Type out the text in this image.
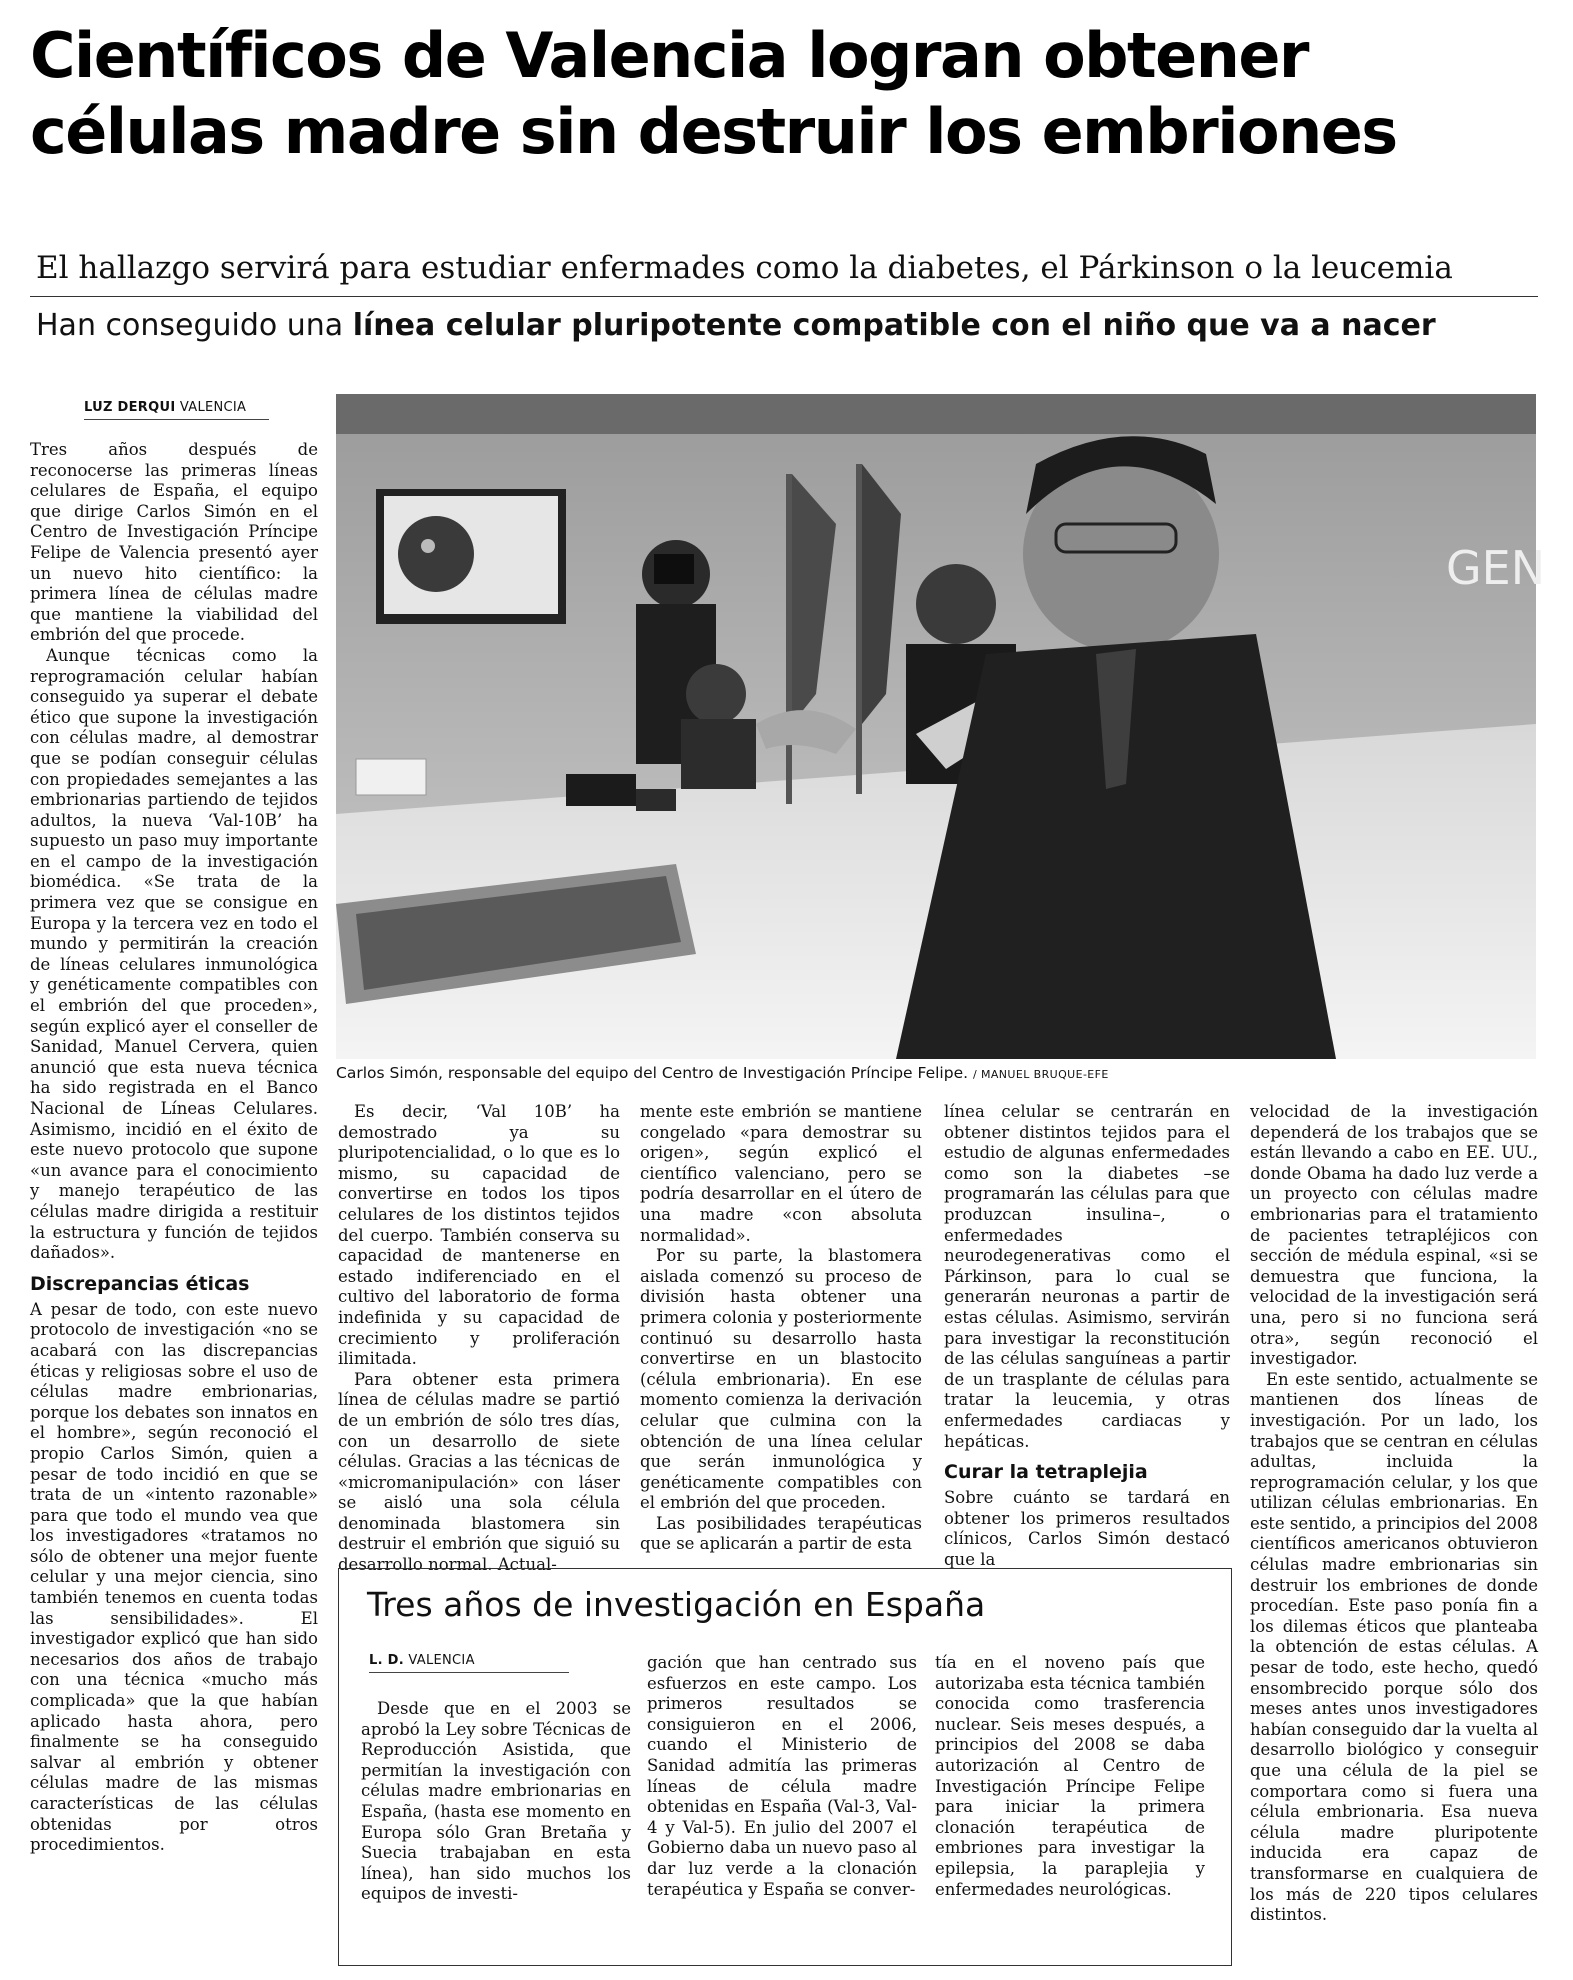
Científicos de Valencia logran obtener células madre sin destruir los embriones

El hallazgo servirá para estudiar enfermades como la diabetes, el Párkinson o la leucemia

Han conseguido una línea celular pluripotente compatible con el niño que va a nacer

LUZ DERQUI VALENCIA
GEN
Carlos Simón, responsable del equipo del Centro de Investigación Príncipe Felipe. / MANUEL BRUQUE-EFE

Tres años después de reconocerse las primeras líneas celulares de España, el equipo que dirige Carlos Simón en el Centro de Investigación Príncipe Felipe de Valencia presentó ayer un nuevo hito científico: la primera línea de células madre que mantiene la viabilidad del embrión del que procede.

Aunque técnicas como la reprogramación celular habían conseguido ya superar el debate ético que supone la investigación con células madre, al demostrar que se podían conseguir células con propiedades semejantes a las embrionarias partiendo de tejidos adultos, la nueva ‘Val-10B’ ha supuesto un paso muy importante en el campo de la investigación biomédica. «Se trata de la primera vez que se consigue en Europa y la tercera vez en todo el mundo y permitirán la creación de líneas celulares inmunológica y genéticamente compatibles con el embrión del que proceden», según explicó ayer el conseller de Sanidad, Manuel Cervera, quien anunció que esta nueva técnica ha sido registrada en el Banco Nacional de Líneas Celulares. Asimismo, incidió en el éxito de este nuevo protocolo que supone «un avance para el conocimiento y manejo terapéutico de las células madre dirigida a restituir la estructura y función de tejidos dañados».

Discrepancias éticas

A pesar de todo, con este nuevo protocolo de investigación «no se acabará con las discrepancias éticas y religiosas sobre el uso de células madre embrionarias, porque los debates son innatos en el hombre», según reconoció el propio Carlos Simón, quien a pesar de todo incidió en que se trata de un «intento razonable» para que todo el mundo vea que los investigadores «tratamos no sólo de obtener una mejor fuente celular y una mejor ciencia, sino también tenemos en cuenta todas las sensibilidades». El investigador explicó que han sido necesarios dos años de trabajo con una técnica «mucho más complicada» que la que habían aplicado hasta ahora, pero finalmente se ha conseguido salvar al embrión y obtener células madre de las mismas características de las células obtenidas por otros procedimientos.

Es decir, ‘Val 10B’ ha demostrado ya su pluripotencialidad, o lo que es lo mismo, su capacidad de convertirse en todos los tipos celulares de los distintos tejidos del cuerpo. También conserva su capacidad de mantenerse en estado indiferenciado en el cultivo del laboratorio de forma indefinida y su capacidad de crecimiento y proliferación ilimitada.

Para obtener esta primera línea de células madre se partió de un embrión de sólo tres días, con un desarrollo de siete células. Gracias a las técnicas de «micromanipulación» con láser se aisló una sola célula denominada blastomera sin destruir el embrión que siguió su desarrollo normal. Actual-

mente este embrión se mantiene congelado «para demostrar su origen», según explicó el científico valenciano, pero se podría desarrollar en el útero de una madre «con absoluta normalidad».

Por su parte, la blastomera aislada comenzó su proceso de división hasta obtener una primera colonia y posteriormente continuó su desarrollo hasta convertirse en un blastocito (célula embrionaria). En ese momento comienza la derivación celular que culmina con la obtención de una línea celular que serán inmunológica y genéticamente compatibles con el embrión del que proceden.

Las posibilidades terapéuticas que se aplicarán a partir de esta

línea celular se centrarán en obtener distintos tejidos para el estudio de algunas enfermedades como son la diabetes –se programarán las células para que produzcan insulina–, o enfermedades neurodegenerativas como el Párkinson, para lo cual se generarán neuronas a partir de estas células. Asimismo, servirán para investigar la reconstitución de las células sanguíneas a partir de un trasplante de células para tratar la leucemia, y otras enfermedades cardiacas y hepáticas.

Curar la tetraplejia

Sobre cuánto se tardará en obtener los primeros resultados clínicos, Carlos Simón destacó que la

velocidad de la investigación dependerá de los trabajos que se están llevando a cabo en EE. UU., donde Obama ha dado luz verde a un proyecto con células madre embrionarias para el tratamiento de pacientes tetrapléjicos con sección de médula espinal, «si se demuestra que funciona, la velocidad de la investigación será una, pero si no funciona será otra», según reconoció el investigador.

En este sentido, actualmente se mantienen dos líneas de investigación. Por un lado, los trabajos que se centran en células adultas, incluida la reprogramación celular, y los que utilizan células embrionarias. En este sentido, a principios del 2008 científicos americanos obtuvieron células madre embrionarias sin destruir los embriones de donde procedían. Este paso ponía fin a los dilemas éticos que planteaba la obtención de estas células. A pesar de todo, este hecho, quedó ensombrecido porque sólo dos meses antes unos investigadores habían conseguido dar la vuelta al desarrollo biológico y conseguir que una célula de la piel se comportara como si fuera una célula embrionaria. Esa nueva célula madre pluripotente inducida era capaz de transformarse en cualquiera de los más de 220 tipos celulares distintos.

Tres años de investigación en España
L. D. VALENCIA

Desde que en el 2003 se aprobó la Ley sobre Técnicas de Reproducción Asistida, que permitían la investigación con células madre embrionarias en España, (hasta ese momento en Europa sólo Gran Bretaña y Suecia trabajaban en esta línea), han sido muchos los equipos de investi-

gación que han centrado sus esfuerzos en este campo. Los primeros resultados se consiguieron en el 2006, cuando el Ministerio de Sanidad admitía las primeras líneas de célula madre obtenidas en España (Val-3, Val-4 y Val-5). En julio del 2007 el Gobierno daba un nuevo paso al dar luz verde a la clonación terapéutica y España se conver-

tía en el noveno país que autorizaba esta técnica también conocida como trasferencia nuclear. Seis meses después, a principios del 2008 se daba autorización al Centro de Investigación Príncipe Felipe para iniciar la primera clonación terapéutica de embriones para investigar la epilepsia, la paraplejia y enfermedades neurológicas.
